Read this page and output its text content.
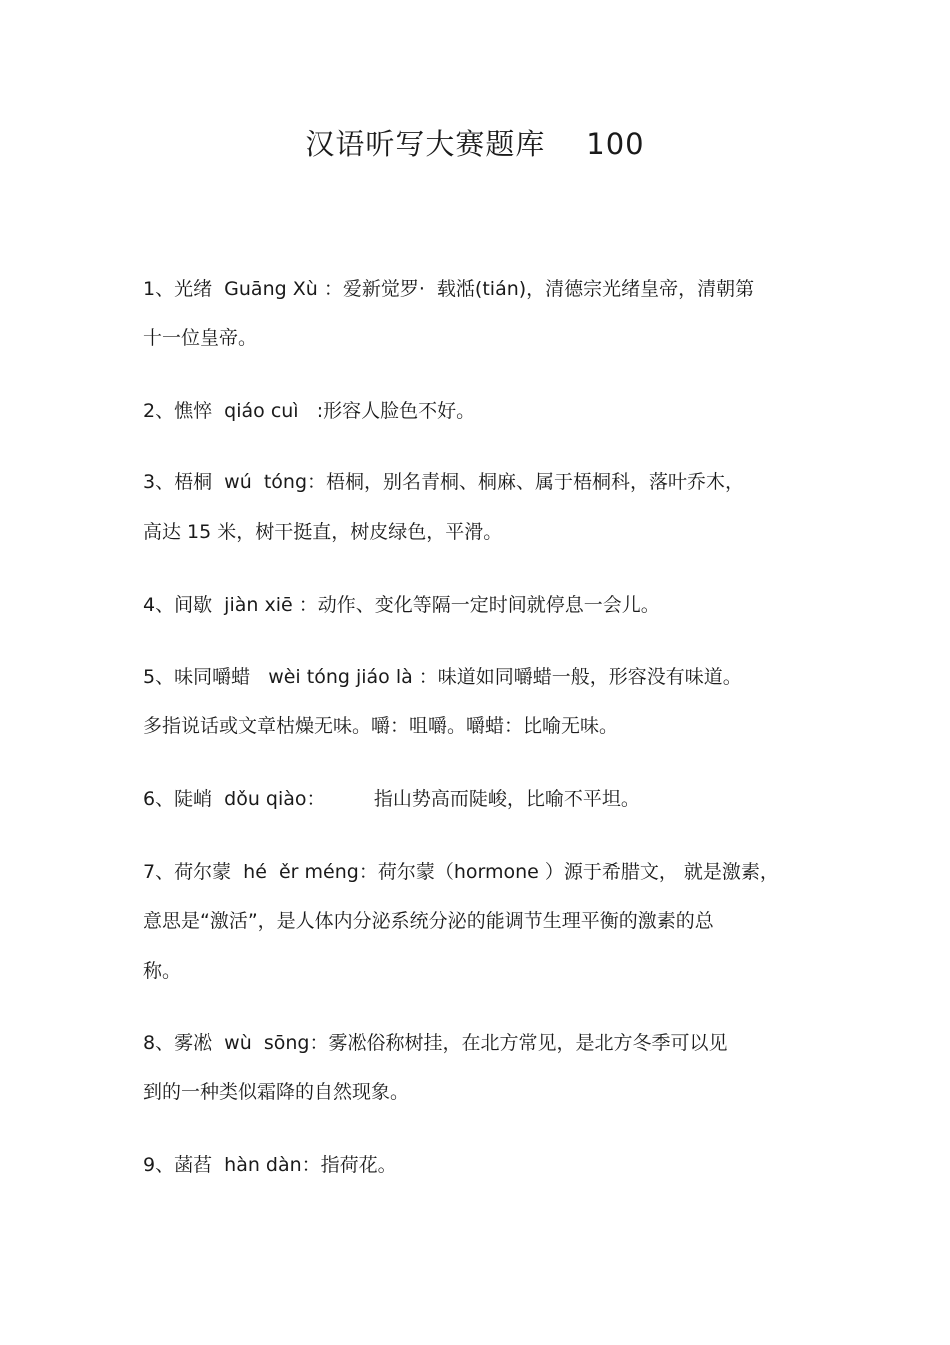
汉语听写大赛题库    100
1、光绪  Guāng Xù ：爱新觉罗·  载湉(tián)，清德宗光绪皇帝，清朝第
十一位皇帝。
2、憔悴  qiáo cuì   :形容人脸色不好。
3、梧桐  wú  tóng：梧桐，别名青桐、桐麻、属于梧桐科，落叶乔木，
高达 15 米，树干挺直，树皮绿色，平滑。
4、间歇  jiàn xiē ：动作、变化等隔一定时间就停息一会儿。
5、味同嚼蜡   wèi tóng jiáo là ：味道如同嚼蜡一般，形容没有味道。
多指说话或文章枯燥无味。嚼：咀嚼。嚼蜡：比喻无味。
6、陡峭  dǒu qiào：        指山势高而陡峻，比喻不平坦。
7、荷尔蒙  hé  ěr méng：荷尔蒙（hormone ）源于希腊文， 就是激素，
意思是“激活”，是人体内分泌系统分泌的能调节生理平衡的激素的总
称。
8、雾凇  wù  sōng：雾凇俗称树挂，在北方常见，是北方冬季可以见
到的一种类似霜降的自然现象。
9、菡萏  hàn dàn：指荷花。
